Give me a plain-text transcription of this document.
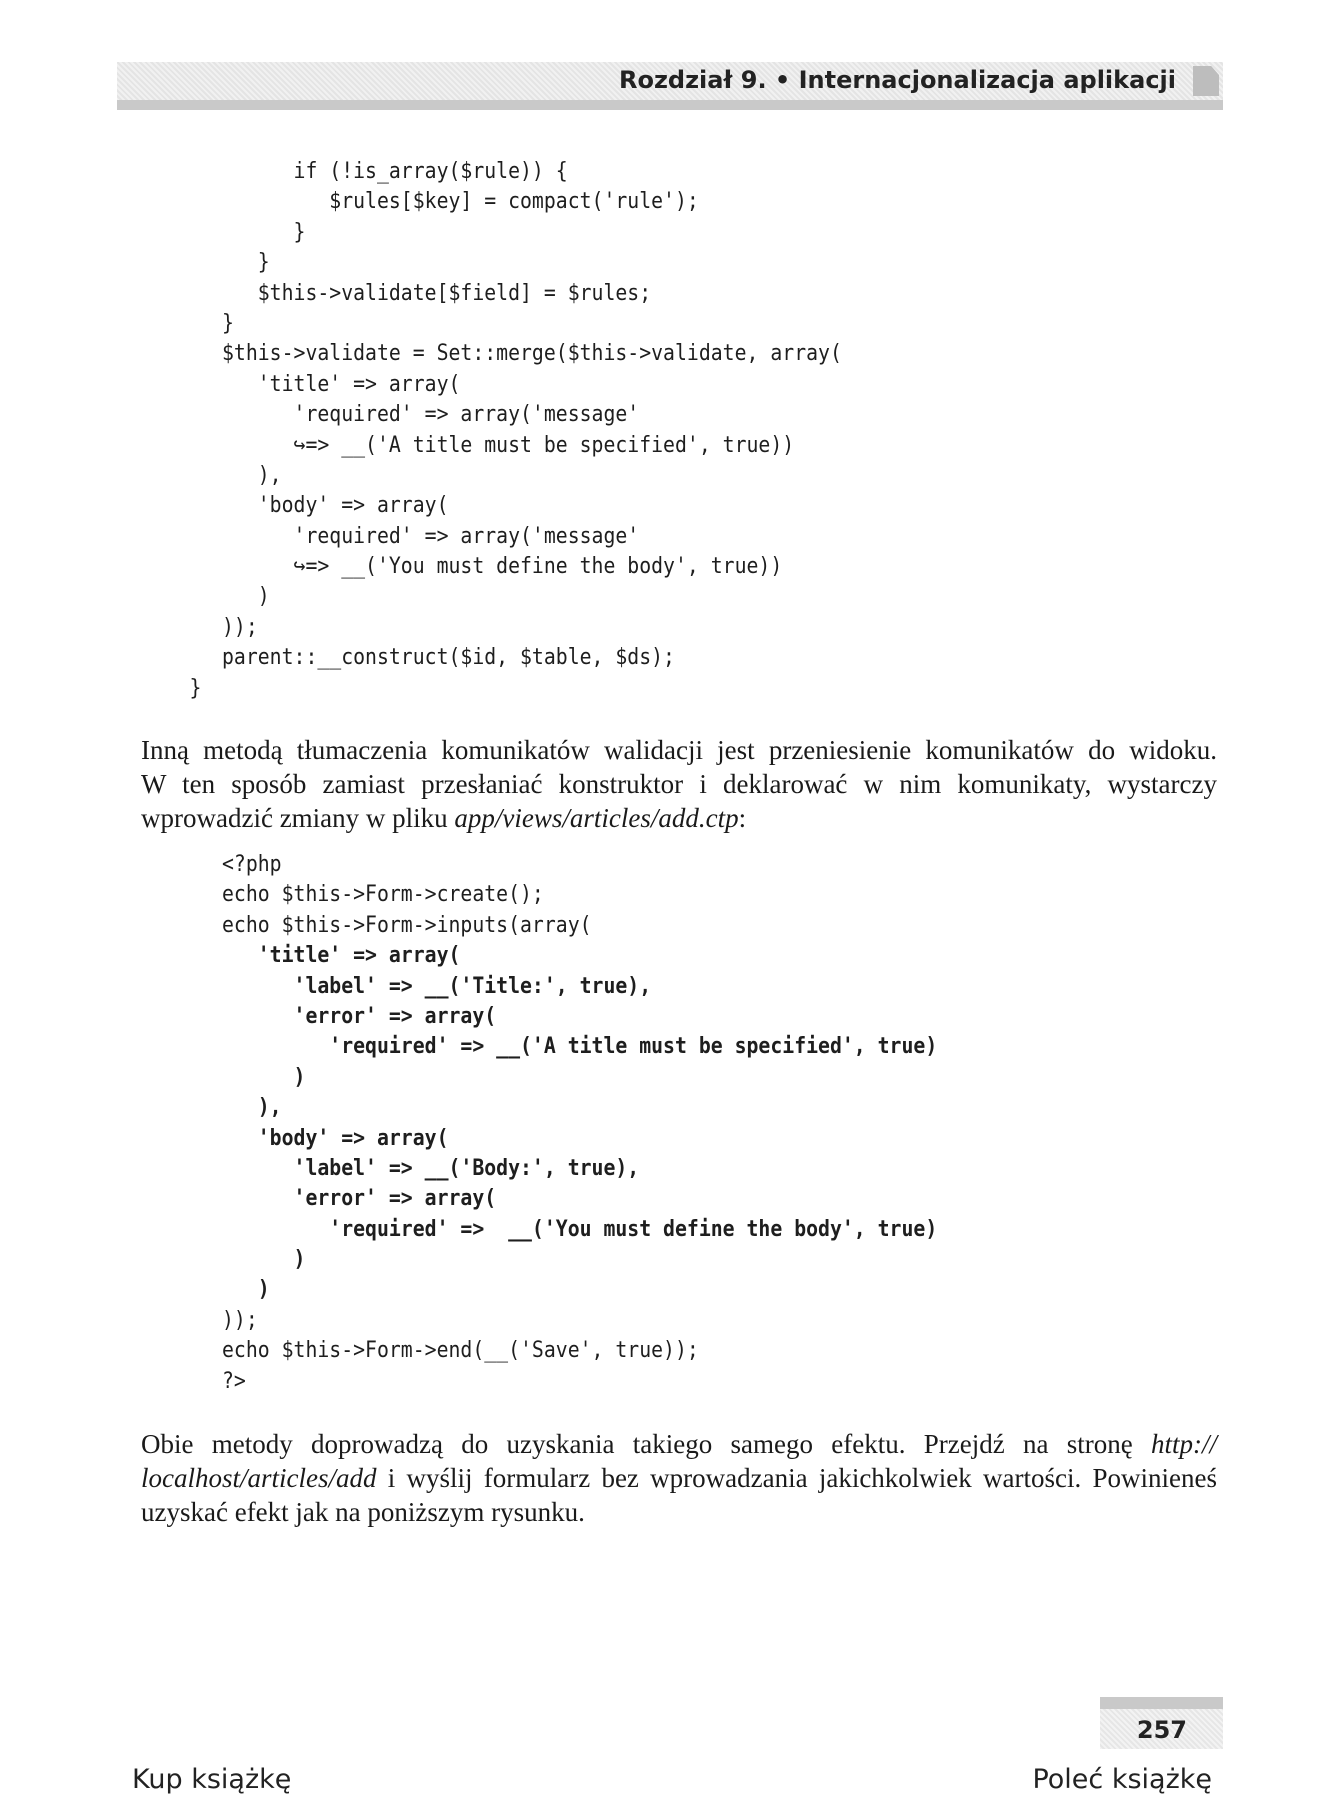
Rozdział 9. • Internacjonalizacja aplikacji
if (!is_array($rule)) {
$rules[$key] = compact('rule');
}
}
$this->validate[$field] = $rules;
}
$this->validate = Set::merge($this->validate, array(
'title' => array(
'required' => array('message'
↪=> __('A title must be specified', true))
),
'body' => array(
'required' => array('message'
↪=> __('You must define the body', true))
)
));
parent::__construct($id, $table, $ds);
}

Inną metodą tłumaczenia komunikatów walidacji jest przeniesienie komunikatów do widoku.
W ten sposób zamiast przesłaniać konstruktor i deklarować w nim komunikaty, wystarczy
wprowadzić zmiany w pliku app/views/articles/add.ctp:

<?php
echo $this->Form->create();
echo $this->Form->inputs(array(
'title' => array(
'label' => __('Title:', true),
'error' => array(
'required' => __('A title must be specified', true)
)
),
'body' => array(
'label' => __('Body:', true),
'error' => array(
'required' =>  __('You must define the body', true)
)
)
));
echo $this->Form->end(__('Save', true));
?>

Obie metody doprowadzą do uzyskania takiego samego efektu. Przejdź na stronę http://
localhost/articles/add i wyślij formularz bez wprowadzania jakichkolwiek wartości. Powinieneś
uzyskać efekt jak na poniższym rysunku.

257
Kup książkę	Poleć książkę
